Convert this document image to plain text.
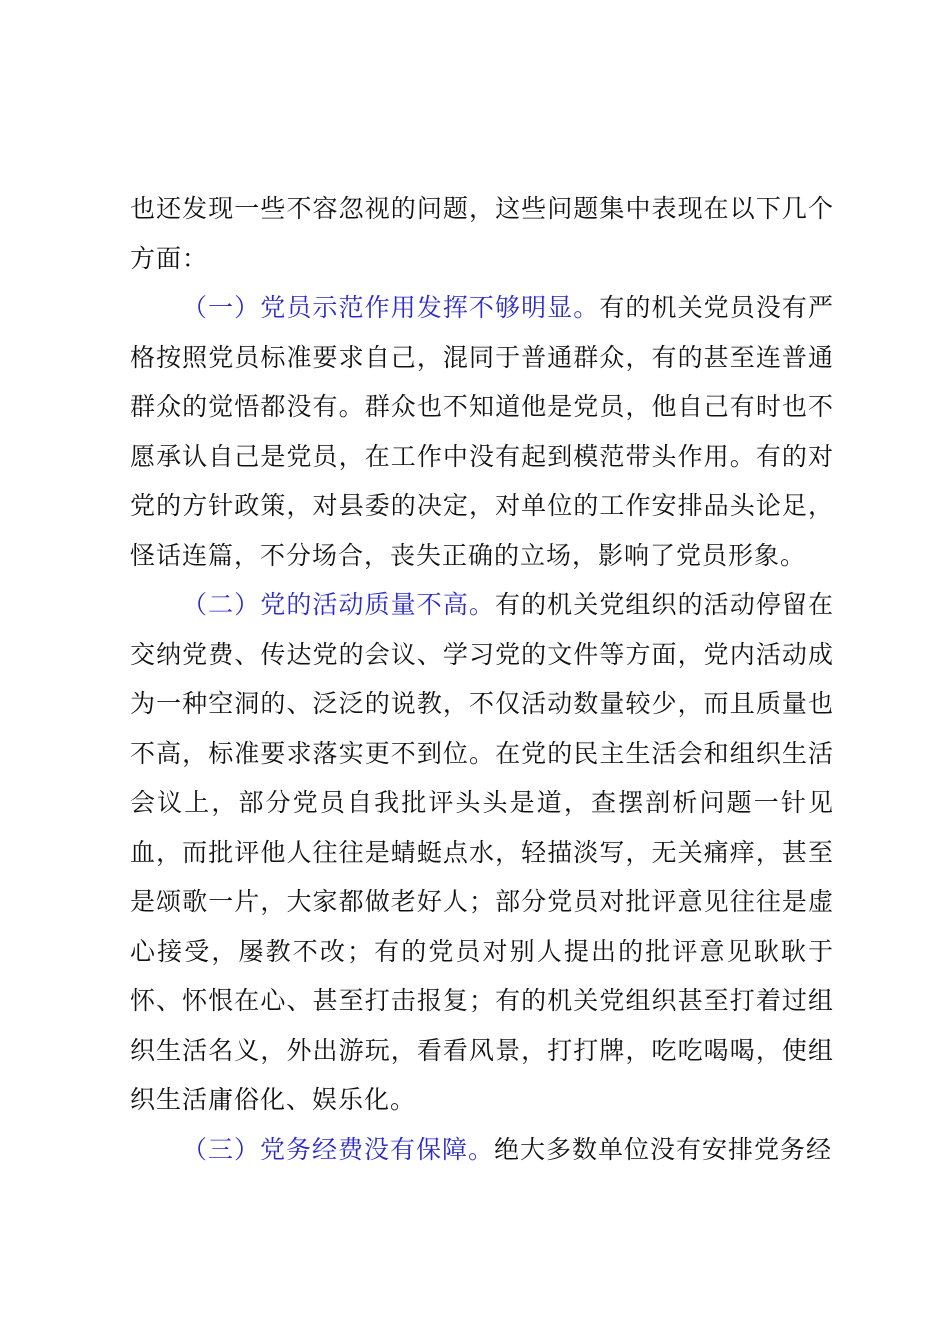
也还发现一些不容忽视的问题，这些问题集中表现在以下几个方面：

（一）党员示范作用发挥不够明显。有的机关党员没有严格按照党员标准要求自己，混同于普通群众，有的甚至连普通群众的觉悟都没有。群众也不知道他是党员，他自己有时也不愿承认自己是党员，在工作中没有起到模范带头作用。有的对党的方针政策，对县委的决定，对单位的工作安排品头论足，怪话连篇，不分场合，丧失正确的立场，影响了党员形象。

（二）党的活动质量不高。有的机关党组织的活动停留在交纳党费、传达党的会议、学习党的文件等方面，党内活动成为一种空洞的、泛泛的说教，不仅活动数量较少，而且质量也不高，标准要求落实更不到位。在党的民主生活会和组织生活会议上，部分党员自我批评头头是道，查摆剖析问题一针见血，而批评他人往往是蜻蜓点水，轻描淡写，无关痛痒，甚至是颂歌一片，大家都做老好人；部分党员对批评意见往往是虚心接受，屡教不改；有的党员对别人提出的批评意见耿耿于怀、怀恨在心、甚至打击报复；有的机关党组织甚至打着过组织生活名义，外出游玩，看看风景，打打牌，吃吃喝喝，使组织生活庸俗化、娱乐化。

（三）党务经费没有保障。绝大多数单位没有安排党务经
